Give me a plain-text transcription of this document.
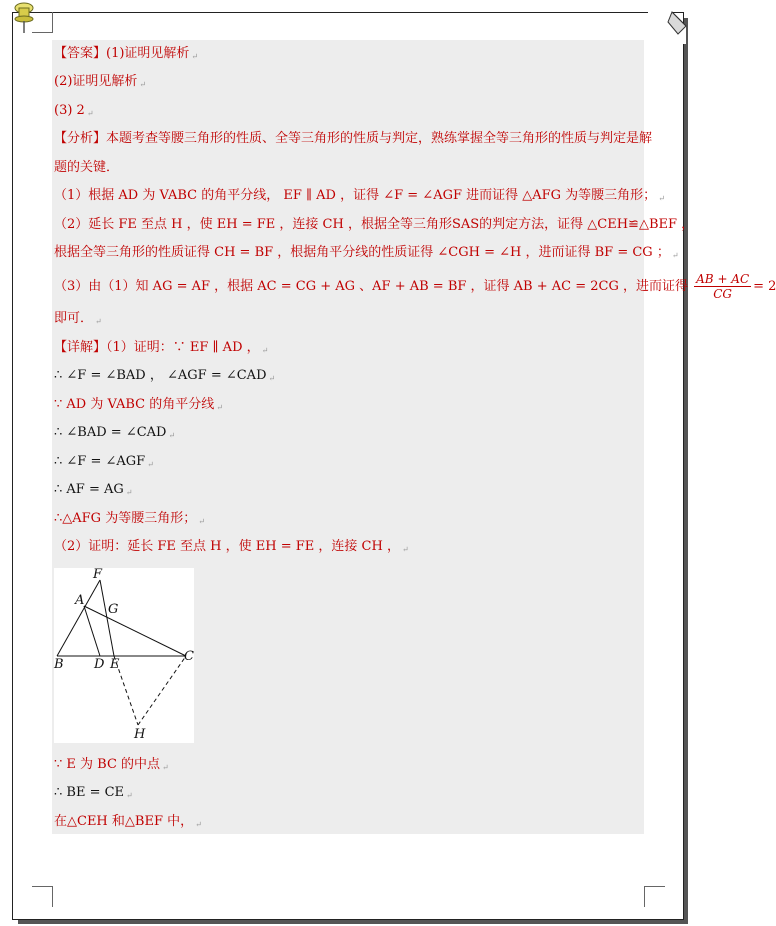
【答案】(1)证明见解析 ↵
(2)证明见解析 ↵
(3) 2 ↵
【分析】本题考查等腰三角形的性质、全等三角形的性质与判定，熟练掌握全等三角形的性质与判定是解
题的关键．
（1）根据 AD 为 VABC 的角平分线， EF ∥ AD ，证得 ∠F = ∠AGF 进而证得 △AFG 为等腰三角形； ↵
（2）延长 FE 至点 H ，使 EH = FE ，连接 CH ，根据全等三角形SAS的判定方法，证得 △CEH≌△BEF ，
根据全等三角形的性质证得 CH = BF ，根据角平分线的性质证得 ∠CGH = ∠H ，进而证得 BF = CG ； ↵
（3）由（1）知 AG = AF ，根据 AC = CG + AG 、AF + AB = BF ，证得 AB + AC = 2CG ，进而证得 $\frac{AB + AC}{CG} = 2$
即可． ↵
【详解】（1）证明：∵ EF ∥ AD ， ↵
∴ ∠F = ∠BAD ， ∠AGF = ∠CAD ↵
∵ AD 为 VABC 的角平分线 ↵
∴ ∠BAD = ∠CAD ↵
∴ ∠F = ∠AGF ↵
∴ AF = AG ↵
∴△AFG 为等腰三角形； ↵
（2）证明：延长 FE 至点 H ，使 EH = FE ，连接 CH ， ↵
F
A
G
B D E
C
H
∵ E 为 BC 的中点 ↵
∴ BE = CE ↵
在△CEH 和△BEF 中， ↵
